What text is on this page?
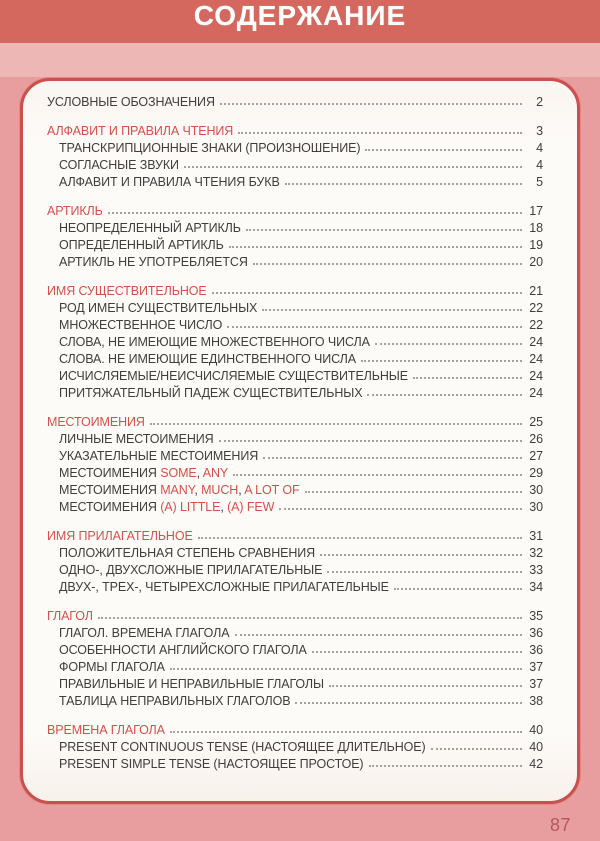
СОДЕРЖАНИЕ
УСЛОВНЫЕ ОБОЗНАЧЕНИЯ	2
АЛФАВИТ И ПРАВИЛА ЧТЕНИЯ	3
ТРАНСКРИПЦИОННЫЕ ЗНАКИ (ПРОИЗНОШЕНИЕ)	4
СОГЛАСНЫЕ ЗВУКИ	4
АЛФАВИТ И ПРАВИЛА ЧТЕНИЯ БУКВ	5
АРТИКЛЬ	17
НЕОПРЕДЕЛЕННЫЙ АРТИКЛЬ	18
ОПРЕДЕЛЕННЫЙ АРТИКЛЬ	19
АРТИКЛЬ НЕ УПОТРЕБЛЯЕТСЯ	20
ИМЯ СУЩЕСТВИТЕЛЬНОЕ	21
РОД ИМЕН СУЩЕСТВИТЕЛЬНЫХ	22
МНОЖЕСТВЕННОЕ ЧИСЛО	22
СЛОВА, НЕ ИМЕЮЩИЕ МНОЖЕСТВЕННОГО ЧИСЛА	24
СЛОВА. НЕ ИМЕЮЩИЕ ЕДИНСТВЕННОГО ЧИСЛА	24
ИСЧИСЛЯЕМЫЕ/НЕИСЧИСЛЯЕМЫЕ СУЩЕСТВИТЕЛЬНЫЕ	24
ПРИТЯЖАТЕЛЬНЫЙ ПАДЕЖ СУЩЕСТВИТЕЛЬНЫХ	24
МЕСТОИМЕНИЯ	25
ЛИЧНЫЕ МЕСТОИМЕНИЯ	26
УКАЗАТЕЛЬНЫЕ МЕСТОИМЕНИЯ	27
МЕСТОИМЕНИЯ SOME, ANY	29
МЕСТОИМЕНИЯ MANY, MUCH, A LOT OF	30
МЕСТОИМЕНИЯ (A) LITTLE, (A) FEW	30
ИМЯ ПРИЛАГАТЕЛЬНОЕ	31
ПОЛОЖИТЕЛЬНАЯ СТЕПЕНЬ СРАВНЕНИЯ	32
ОДНО-, ДВУХСЛОЖНЫЕ ПРИЛАГАТЕЛЬНЫЕ	33
ДВУХ-, ТРЕХ-, ЧЕТЫРЕХСЛОЖНЫЕ ПРИЛАГАТЕЛЬНЫЕ	34
ГЛАГОЛ	35
ГЛАГОЛ. ВРЕМЕНА ГЛАГОЛА	36
ОСОБЕННОСТИ АНГЛИЙСКОГО ГЛАГОЛА	36
ФОРМЫ ГЛАГОЛА	37
ПРАВИЛЬНЫЕ И НЕПРАВИЛЬНЫЕ ГЛАГОЛЫ	37
ТАБЛИЦА НЕПРАВИЛЬНЫХ ГЛАГОЛОВ	38
ВРЕМЕНА ГЛАГОЛА	40
PRESENT CONTINUOUS TENSE (НАСТОЯЩЕЕ ДЛИТЕЛЬНОЕ)	40
PRESENT SIMPLE TENSE (НАСТОЯЩЕЕ ПРОСТОЕ)	42
87
